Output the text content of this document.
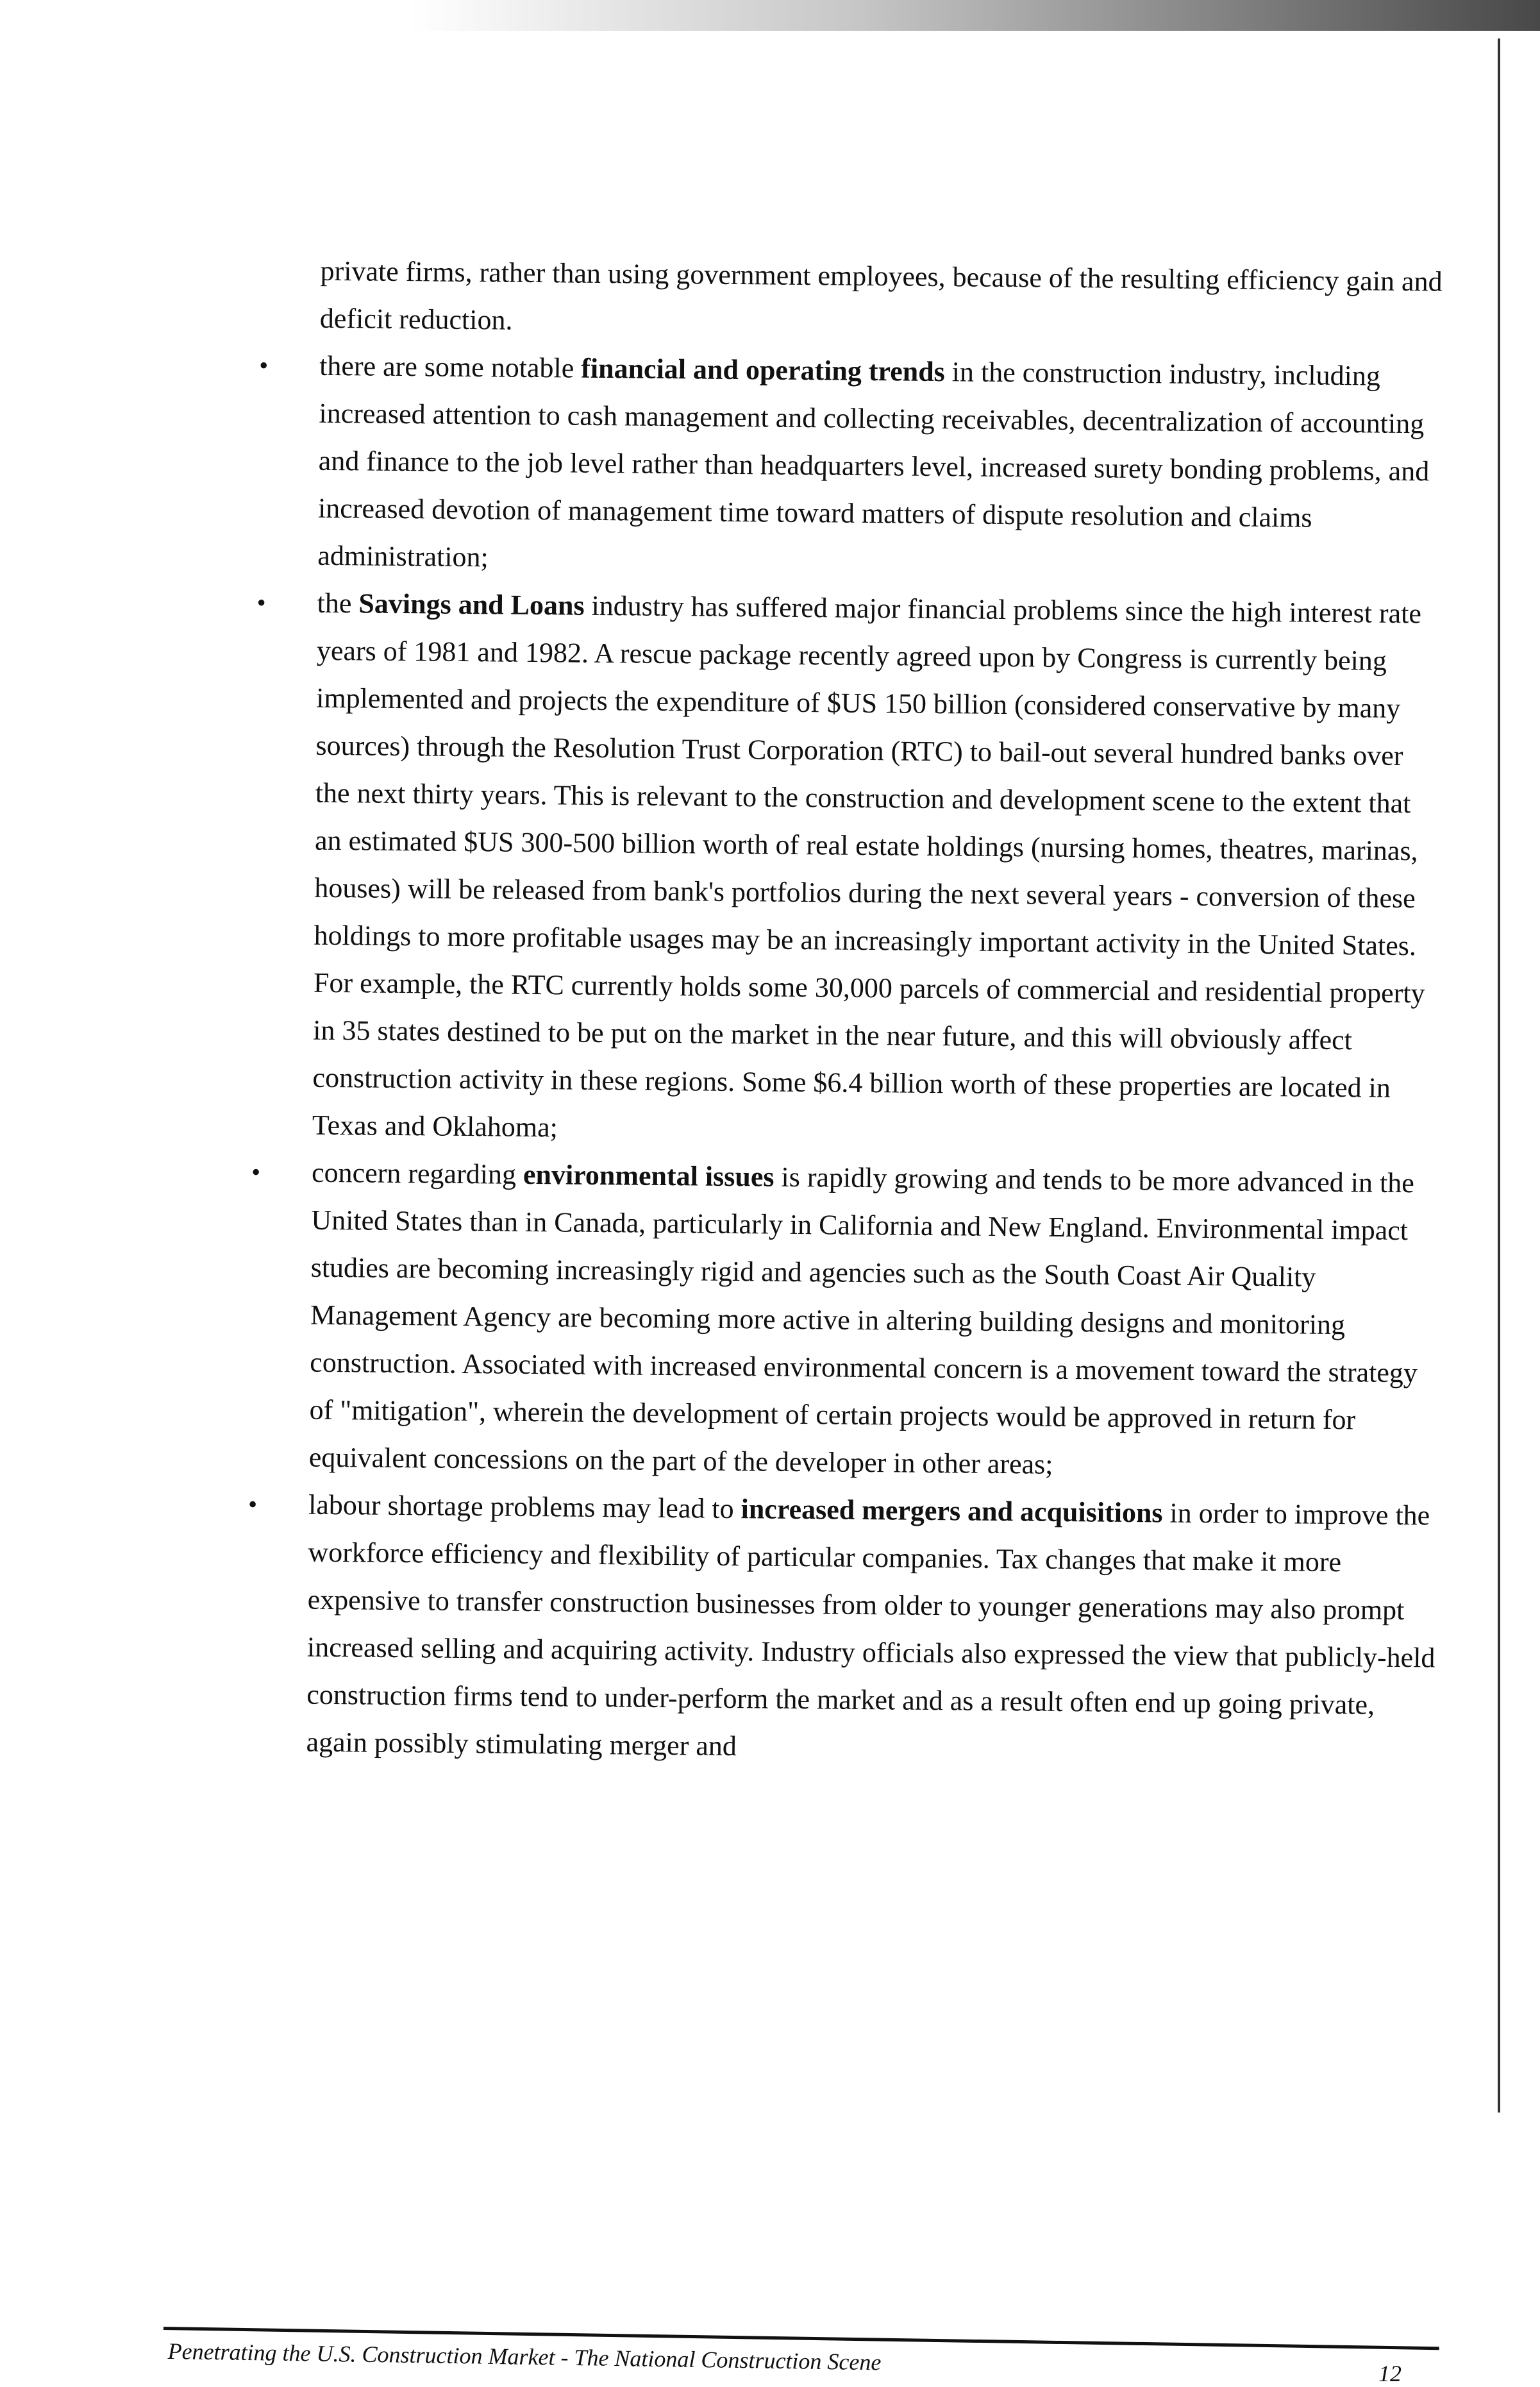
private firms, rather than using government employees, because of the resulting efficiency gain and deficit reduction.

• there are some notable financial and operating trends in the construction industry, including increased attention to cash management and collecting receivables, decentralization of accounting and finance to the job level rather than headquarters level, increased surety bonding problems, and increased devotion of management time toward matters of dispute resolution and claims administration;
• the Savings and Loans industry has suffered major financial problems since the high interest rate years of 1981 and 1982. A rescue package recently agreed upon by Congress is currently being implemented and projects the expenditure of $US 150 billion (considered conservative by many sources) through the Resolution Trust Corporation (RTC) to bail-out several hundred banks over the next thirty years. This is relevant to the construction and development scene to the extent that an estimated $US 300-500 billion worth of real estate holdings (nursing homes, theatres, marinas, houses) will be released from bank's portfolios during the next several years - conversion of these holdings to more profitable usages may be an increasingly important activity in the United States. For example, the RTC currently holds some 30,000 parcels of commercial and residential property in 35 states destined to be put on the market in the near future, and this will obviously affect construction activity in these regions. Some $6.4 billion worth of these properties are located in Texas and Oklahoma;
• concern regarding environmental issues is rapidly growing and tends to be more advanced in the United States than in Canada, particularly in California and New England. Environmental impact studies are becoming increasingly rigid and agencies such as the South Coast Air Quality Management Agency are becoming more active in altering building designs and monitoring construction. Associated with increased environmental concern is a movement toward the strategy of "mitigation", wherein the development of certain projects would be approved in return for equivalent concessions on the part of the developer in other areas;
• labour shortage problems may lead to increased mergers and acquisitions in order to improve the workforce efficiency and flexibility of particular companies. Tax changes that make it more expensive to transfer construction businesses from older to younger generations may also prompt increased selling and acquiring activity. Industry officials also expressed the view that publicly-held construction firms tend to under-perform the market and as a result often end up going private, again possibly stimulating merger and
Penetrating the U.S. Construction Market - The National Construction Scene	12
